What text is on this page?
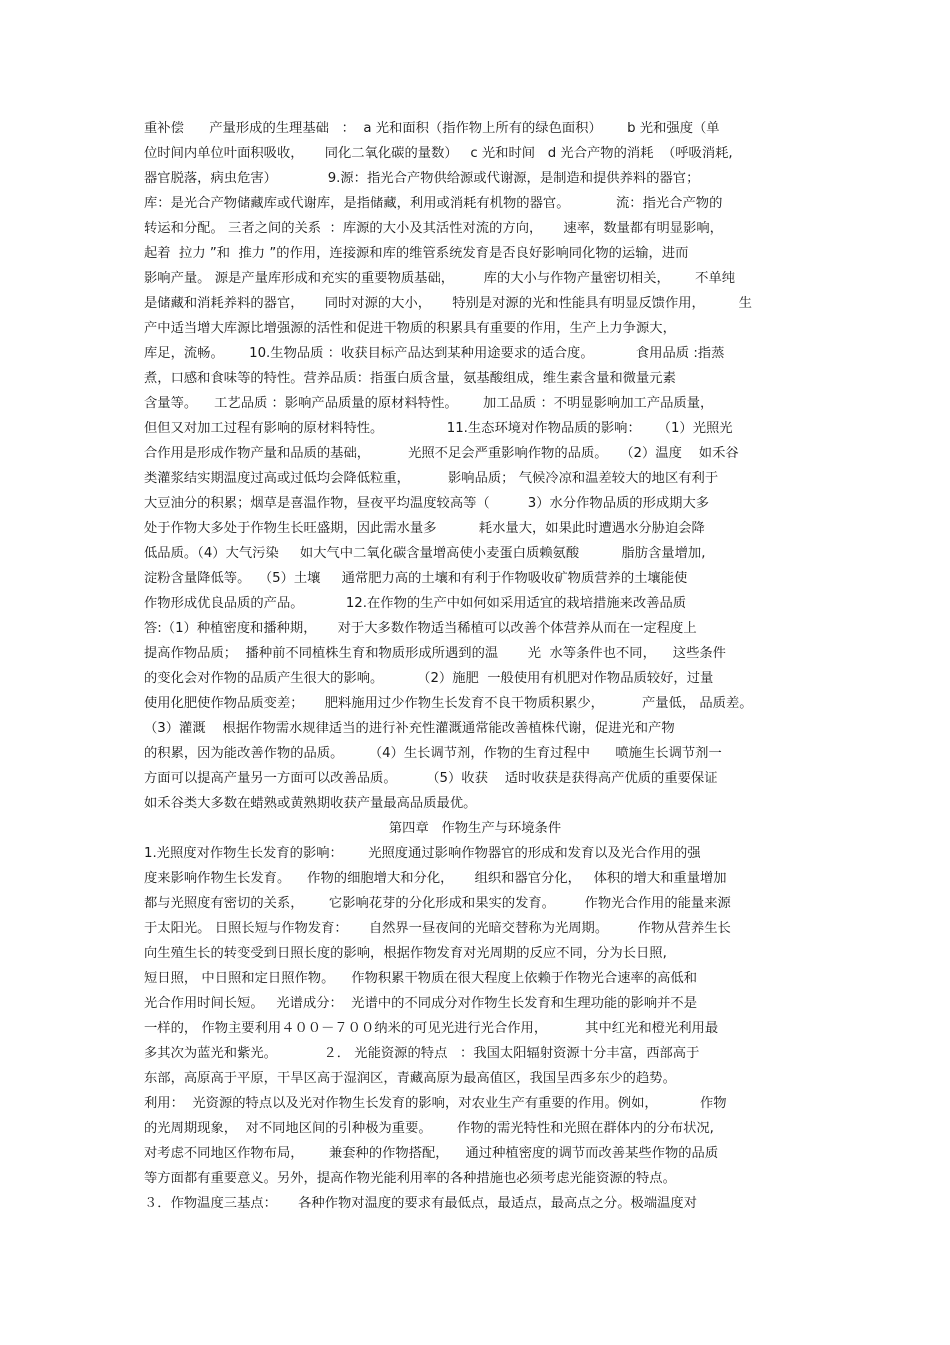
重补偿      产量形成的生理基础   ：  a 光和面积（指作物上所有的绿色面积）      b 光和强度（单
位时间内单位叶面积吸收，     同化二氧化碳的量数）   c 光和时间   d 光合产物的消耗  （呼吸消耗,
器官脱落，病虫危害）            9.源：指光合产物供给源或代谢源，是制造和提供养料的器官；
库：是光合产物储藏库或代谢库，是指储藏，利用或消耗有机物的器官。           流：指光合产物的
转运和分配。 三者之间的关系  ：库源的大小及其活性对流的方向，     速率，数量都有明显影响，
起着  拉力 ”和  推力 ”的作用，连接源和库的维管系统发育是否良好影响同化物的运输，进而
影响产量。 源是产量库形成和充实的重要物质基础，       库的大小与作物产量密切相关，      不单纯
是储藏和消耗养料的器官，     同时对源的大小，     特别是对源的光和性能具有明显反馈作用，        生
产中适当增大库源比增强源的活性和促进干物质的积累具有重要的作用，生产上力争源大，
库足，流畅。      10.生物品质 ：收获目标产品达到某种用途要求的适合度。          食用品质 :指蒸
煮，口感和食味等的特性。营养品质：指蛋白质含量，氨基酸组成，维生素含量和微量元素
含量等。    工艺品质 ：影响产品质量的原材料特性。      加工品质 ：不明显影响加工产品质量，
但但又对加工过程有影响的原材料特性。               11.生态环境对作物品质的影响：    （1）光照光
合作用是形成作物产量和品质的基础，         光照不足会严重影响作物的品质。   （2）温度    如禾谷
类灌浆结实期温度过高或过低均会降低粒重，         影响品质； 气候冷凉和温差较大的地区有利于
大豆油分的积累；烟草是喜温作物，昼夜平均温度较高等（         3）水分作物品质的形成期大多
处于作物大多处于作物生长旺盛期，因此需水量多          耗水量大，如果此时遭遇水分胁迫会降
低品质。（4）大气污染     如大气中二氧化碳含量增高使小麦蛋白质赖氨酸          脂肪含量增加,
淀粉含量降低等。  （5）土壤     通常肥力高的土壤和有利于作物吸收矿物质营养的土壤能使
作物形成优良品质的产品。          12.在作物的生产中如何如采用适宜的栽培措施来改善品质
答:（1）种植密度和播种期，     对于大多数作物适当稀植可以改善个体营养从而在一定程度上
提高作物品质；  播种前不同植株生育和物质形成所遇到的温       光  水等条件也不同，    这些条件
的变化会对作物的品质产生很大的影响。        （2）施肥  一般使用有机肥对作物品质较好，过量
使用化肥使作物品质变差；     肥料施用过少作物生长发育不良干物质积累少，         产量低， 品质差。
（3）灌溉    根据作物需水规律适当的进行补充性灌溉通常能改善植株代谢，促进光和产物
的积累，因为能改善作物的品质。      （4）生长调节剂，作物的生育过程中      喷施生长调节剂一
方面可以提高产量另一方面可以改善品质。       （5）收获    适时收获是获得高产优质的重要保证
如禾谷类大多数在蜡熟或黄熟期收获产量最高品质最优。
第四章   作物生产与环境条件
1.光照度对作物生长发育的影响：      光照度通过影响作物器官的形成和发育以及光合作用的强
度来影响作物生长发育。    作物的细胞增大和分化，     组织和器官分化，   体积的增大和重量增加
都与光照度有密切的关系，      它影响花芽的分化形成和果实的发育。       作物光合作用的能量来源
于太阳光。 日照长短与作物发育：     自然界一昼夜间的光暗交替称为光周期。       作物从营养生长
向生殖生长的转变受到日照长度的影响，根据作物发育对光周期的反应不同，分为长日照,
短日照， 中日照和定日照作物。    作物积累干物质在很大程度上依赖于作物光合速率的高低和
光合作用时间长短。   光谱成分：  光谱中的不同成分对作物生长发育和生理功能的影响并不是
一样的， 作物主要利用４００－７００纳米的可见光进行光合作用，         其中红光和橙光利用最
多其次为蓝光和紫光。           ２． 光能资源的特点   ：我国太阳辐射资源十分丰富，西部高于
东部，高原高于平原，干旱区高于湿润区，青藏高原为最高值区，我国呈西多东少的趋势。
利用：  光资源的特点以及光对作物生长发育的影响，对农业生产有重要的作用。例如，          作物
的光周期现象，  对不同地区间的引种极为重要。      作物的需光特性和光照在群体内的分布状况,
对考虑不同地区作物布局，      兼套种的作物搭配，    通过种植密度的调节而改善某些作物的品质
等方面都有重要意义。另外，提高作物光能利用率的各种措施也必须考虑光能资源的特点。
３．作物温度三基点：     各种作物对温度的要求有最低点，最适点，最高点之分。极端温度对
